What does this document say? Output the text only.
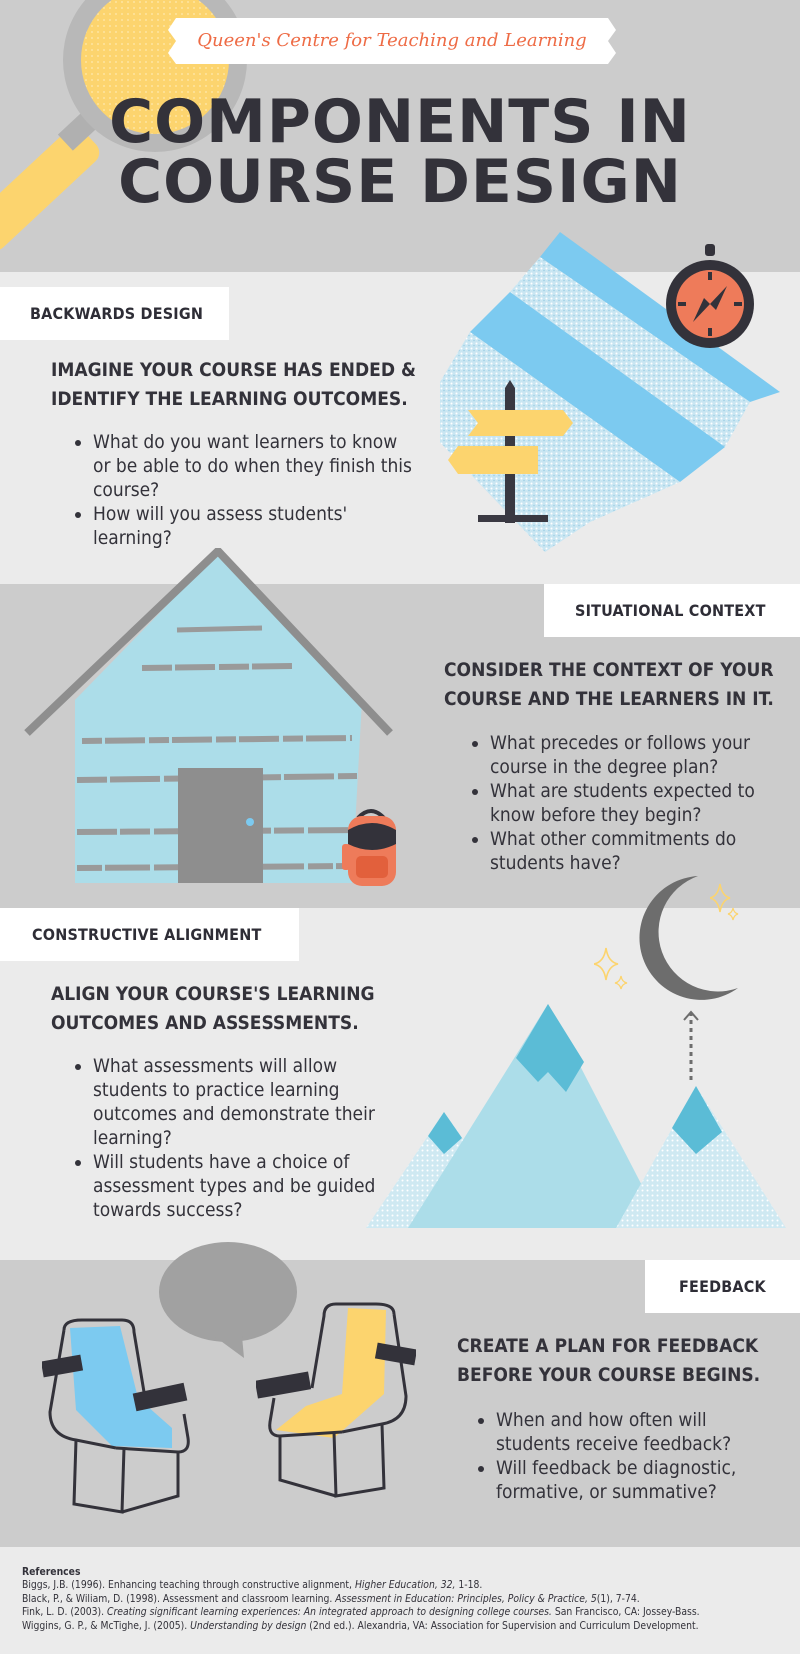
Queen's Centre for Teaching and Learning
COMPONENTS IN
COURSE DESIGN
BACKWARDS DESIGN
IMAGINE YOUR COURSE HAS ENDED &
IDENTIFY THE LEARNING OUTCOMES.
• What do you want learners to know or be able to do when they finish this course?
• How will you assess students' learning?
SITUATIONAL CONTEXT
CONSIDER THE CONTEXT OF YOUR
COURSE AND THE LEARNERS IN IT.
• What precedes or follows your course in the degree plan?
• What are students expected to know before they begin?
• What other commitments do students have?
CONSTRUCTIVE ALIGNMENT
ALIGN YOUR COURSE'S LEARNING
OUTCOMES AND ASSESSMENTS.
• What assessments will allow students to practice learning outcomes and demonstrate their learning?
• Will students have a choice of assessment types and be guided towards success?
FEEDBACK
CREATE A PLAN FOR FEEDBACK
BEFORE YOUR COURSE BEGINS.
• When and how often will students receive feedback?
• Will feedback be diagnostic, formative, or summative?

References

Biggs, J.B. (1996). Enhancing teaching through constructive alignment, Higher Education, 32, 1-18.

Black, P., & Wiliam, D. (1998). Assessment and classroom learning. Assessment in Education: Principles, Policy & Practice, 5(1), 7-74.

Fink, L. D. (2003). Creating significant learning experiences: An integrated approach to designing college courses. San Francisco, CA: Jossey-Bass.

Wiggins, G. P., & McTighe, J. (2005). Understanding by design (2nd ed.). Alexandria, VA: Association for Supervision and Curriculum Development.
